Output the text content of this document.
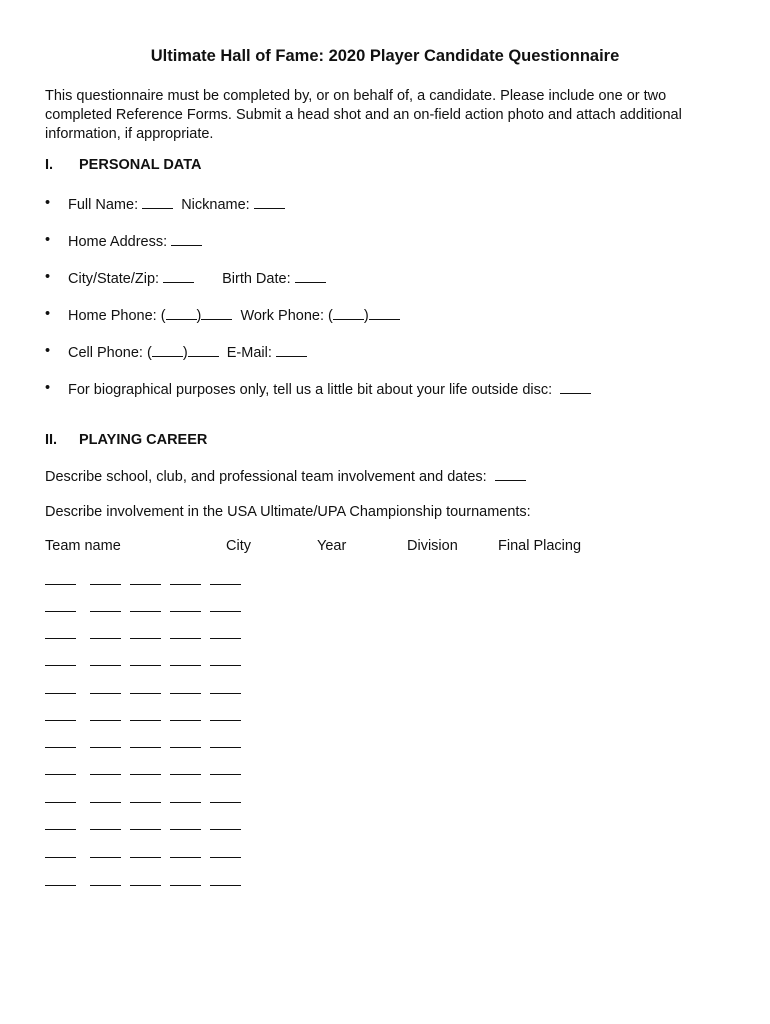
Ultimate Hall of Fame: 2020 Player Candidate Questionnaire
This questionnaire must be completed by, or on behalf of, a candidate. Please include one or two completed Reference Forms. Submit a head shot and an on-field action photo and attach additional information, if appropriate.
I. PERSONAL DATA
• Full Name:	Nickname:
• Home Address:
• City/State/Zip:	Birth Date:
• Home Phone: ( )	Work Phone: ( )
• Cell Phone: ( )	E-Mail:
• For biographical purposes only, tell us a little bit about your life outside disc:
II. PLAYING CAREER
Describe school, club, and professional team involvement and dates:
Describe involvement in the USA Ultimate/UPA Championship tournaments:
Team name	City	Year	Division	Final Placing
